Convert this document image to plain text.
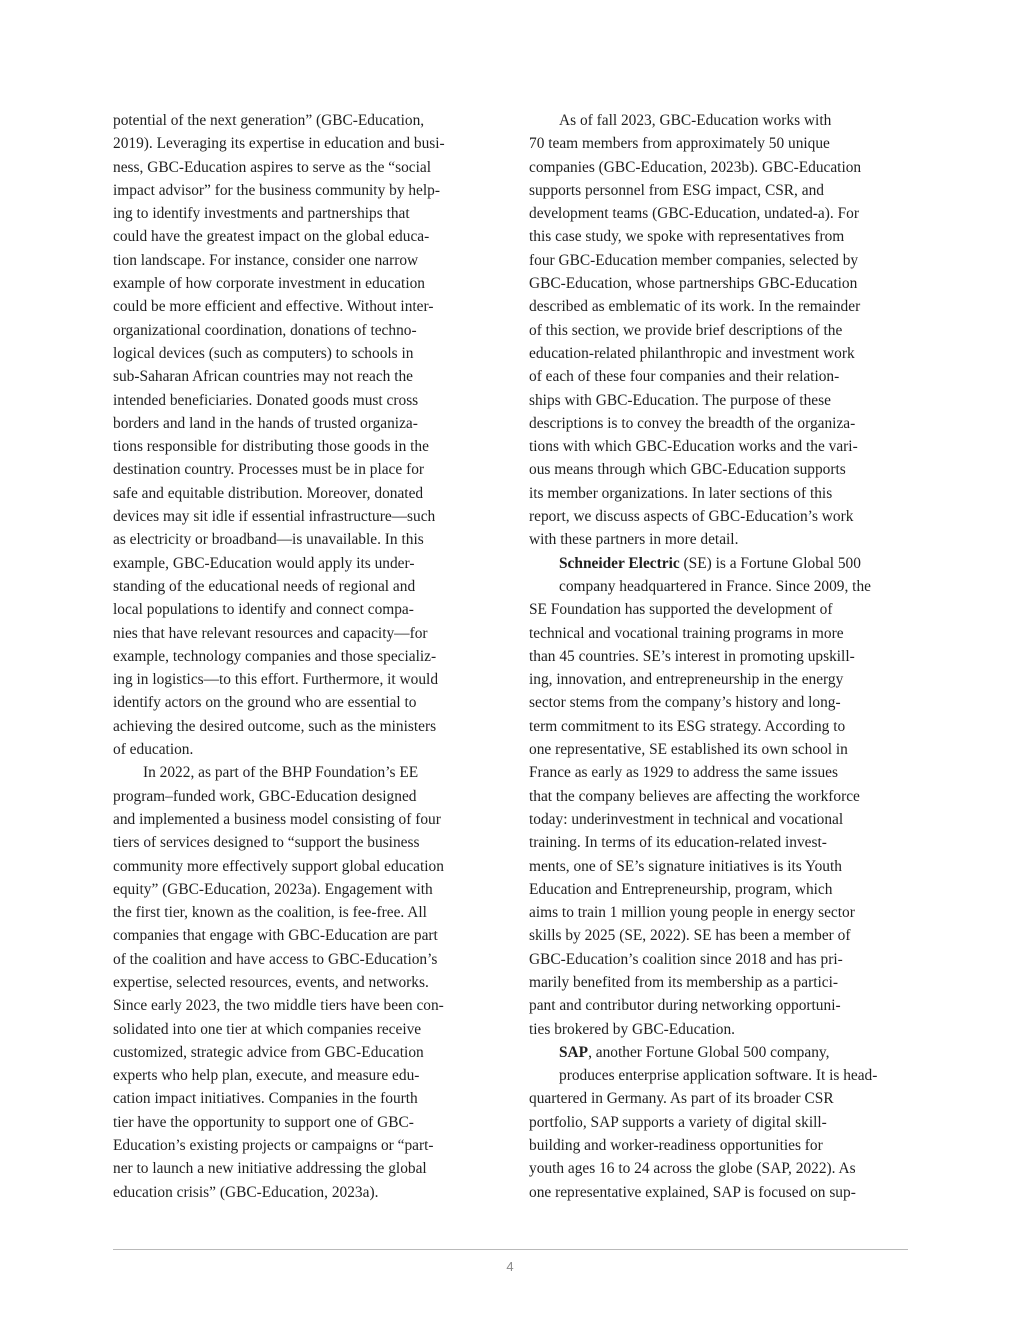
potential of the next generation” (GBC-Education,
2019). Leveraging its expertise in education and busi-
ness, GBC-Education aspires to serve as the “social
impact advisor” for the business community by help-
ing to identify investments and partnerships that
could have the greatest impact on the global educa-
tion landscape. For instance, consider one narrow
example of how corporate investment in education
could be more efficient and effective. Without inter-
organizational coordination, donations of techno-
logical devices (such as computers) to schools in
sub-Saharan African countries may not reach the
intended beneficiaries. Donated goods must cross
borders and land in the hands of trusted organiza-
tions responsible for distributing those goods in the
destination country. Processes must be in place for
safe and equitable distribution. Moreover, donated
devices may sit idle if essential infrastructure—such
as electricity or broadband—is unavailable. In this
example, GBC-Education would apply its under-
standing of the educational needs of regional and
local populations to identify and connect compa-
nies that have relevant resources and capacity—for
example, technology companies and those specializ-
ing in logistics—to this effort. Furthermore, it would
identify actors on the ground who are essential to
achieving the desired outcome, such as the ministers
of education.

In 2022, as part of the BHP Foundation’s EE
program–funded work, GBC-Education designed
and implemented a business model consisting of four
tiers of services designed to “support the business
community more effectively support global education
equity” (GBC-Education, 2023a). Engagement with
the first tier, known as the coalition, is fee-free. All
companies that engage with GBC-Education are part
of the coalition and have access to GBC-Education’s
expertise, selected resources, events, and networks.
Since early 2023, the two middle tiers have been con-
solidated into one tier at which companies receive
customized, strategic advice from GBC-Education
experts who help plan, execute, and measure edu-
cation impact initiatives. Companies in the fourth
tier have the opportunity to support one of GBC-
Education’s existing projects or campaigns or “part-
ner to launch a new initiative addressing the global
education crisis” (GBC-Education, 2023a).

As of fall 2023, GBC-Education works with
70 team members from approximately 50 unique
companies (GBC-Education, 2023b). GBC-Education
supports personnel from ESG impact, CSR, and
development teams (GBC-Education, undated-a). For
this case study, we spoke with representatives from
four GBC-Education member companies, selected by
GBC-Education, whose partnerships GBC-Education
described as emblematic of its work. In the remainder
of this section, we provide brief descriptions of the
education-related philanthropic and investment work
of each of these four companies and their relation-
ships with GBC-Education. The purpose of these
descriptions is to convey the breadth of the organiza-
tions with which GBC-Education works and the vari-
ous means through which GBC-Education supports
its member organizations. In later sections of this
report, we discuss aspects of GBC-Education’s work
with these partners in more detail.

Schneider Electric (SE) is a Fortune Global 500
company headquartered in France. Since 2009, the
SE Foundation has supported the development of
technical and vocational training programs in more
than 45 countries. SE’s interest in promoting upskill-
ing, innovation, and entrepreneurship in the energy
sector stems from the company’s history and long-
term commitment to its ESG strategy. According to
one representative, SE established its own school in
France as early as 1929 to address the same issues
that the company believes are affecting the workforce
today: underinvestment in technical and vocational
training. In terms of its education-related invest-
ments, one of SE’s signature initiatives is its Youth
Education and Entrepreneurship, program, which
aims to train 1 million young people in energy sector
skills by 2025 (SE, 2022). SE has been a member of
GBC-Education’s coalition since 2018 and has pri-
marily benefited from its membership as a partici-
pant and contributor during networking opportuni-
ties brokered by GBC-Education.

SAP, another Fortune Global 500 company,
produces enterprise application software. It is head-
quartered in Germany. As part of its broader CSR
portfolio, SAP supports a variety of digital skill-
building and worker-readiness opportunities for
youth ages 16 to 24 across the globe (SAP, 2022). As
one representative explained, SAP is focused on sup-

4
